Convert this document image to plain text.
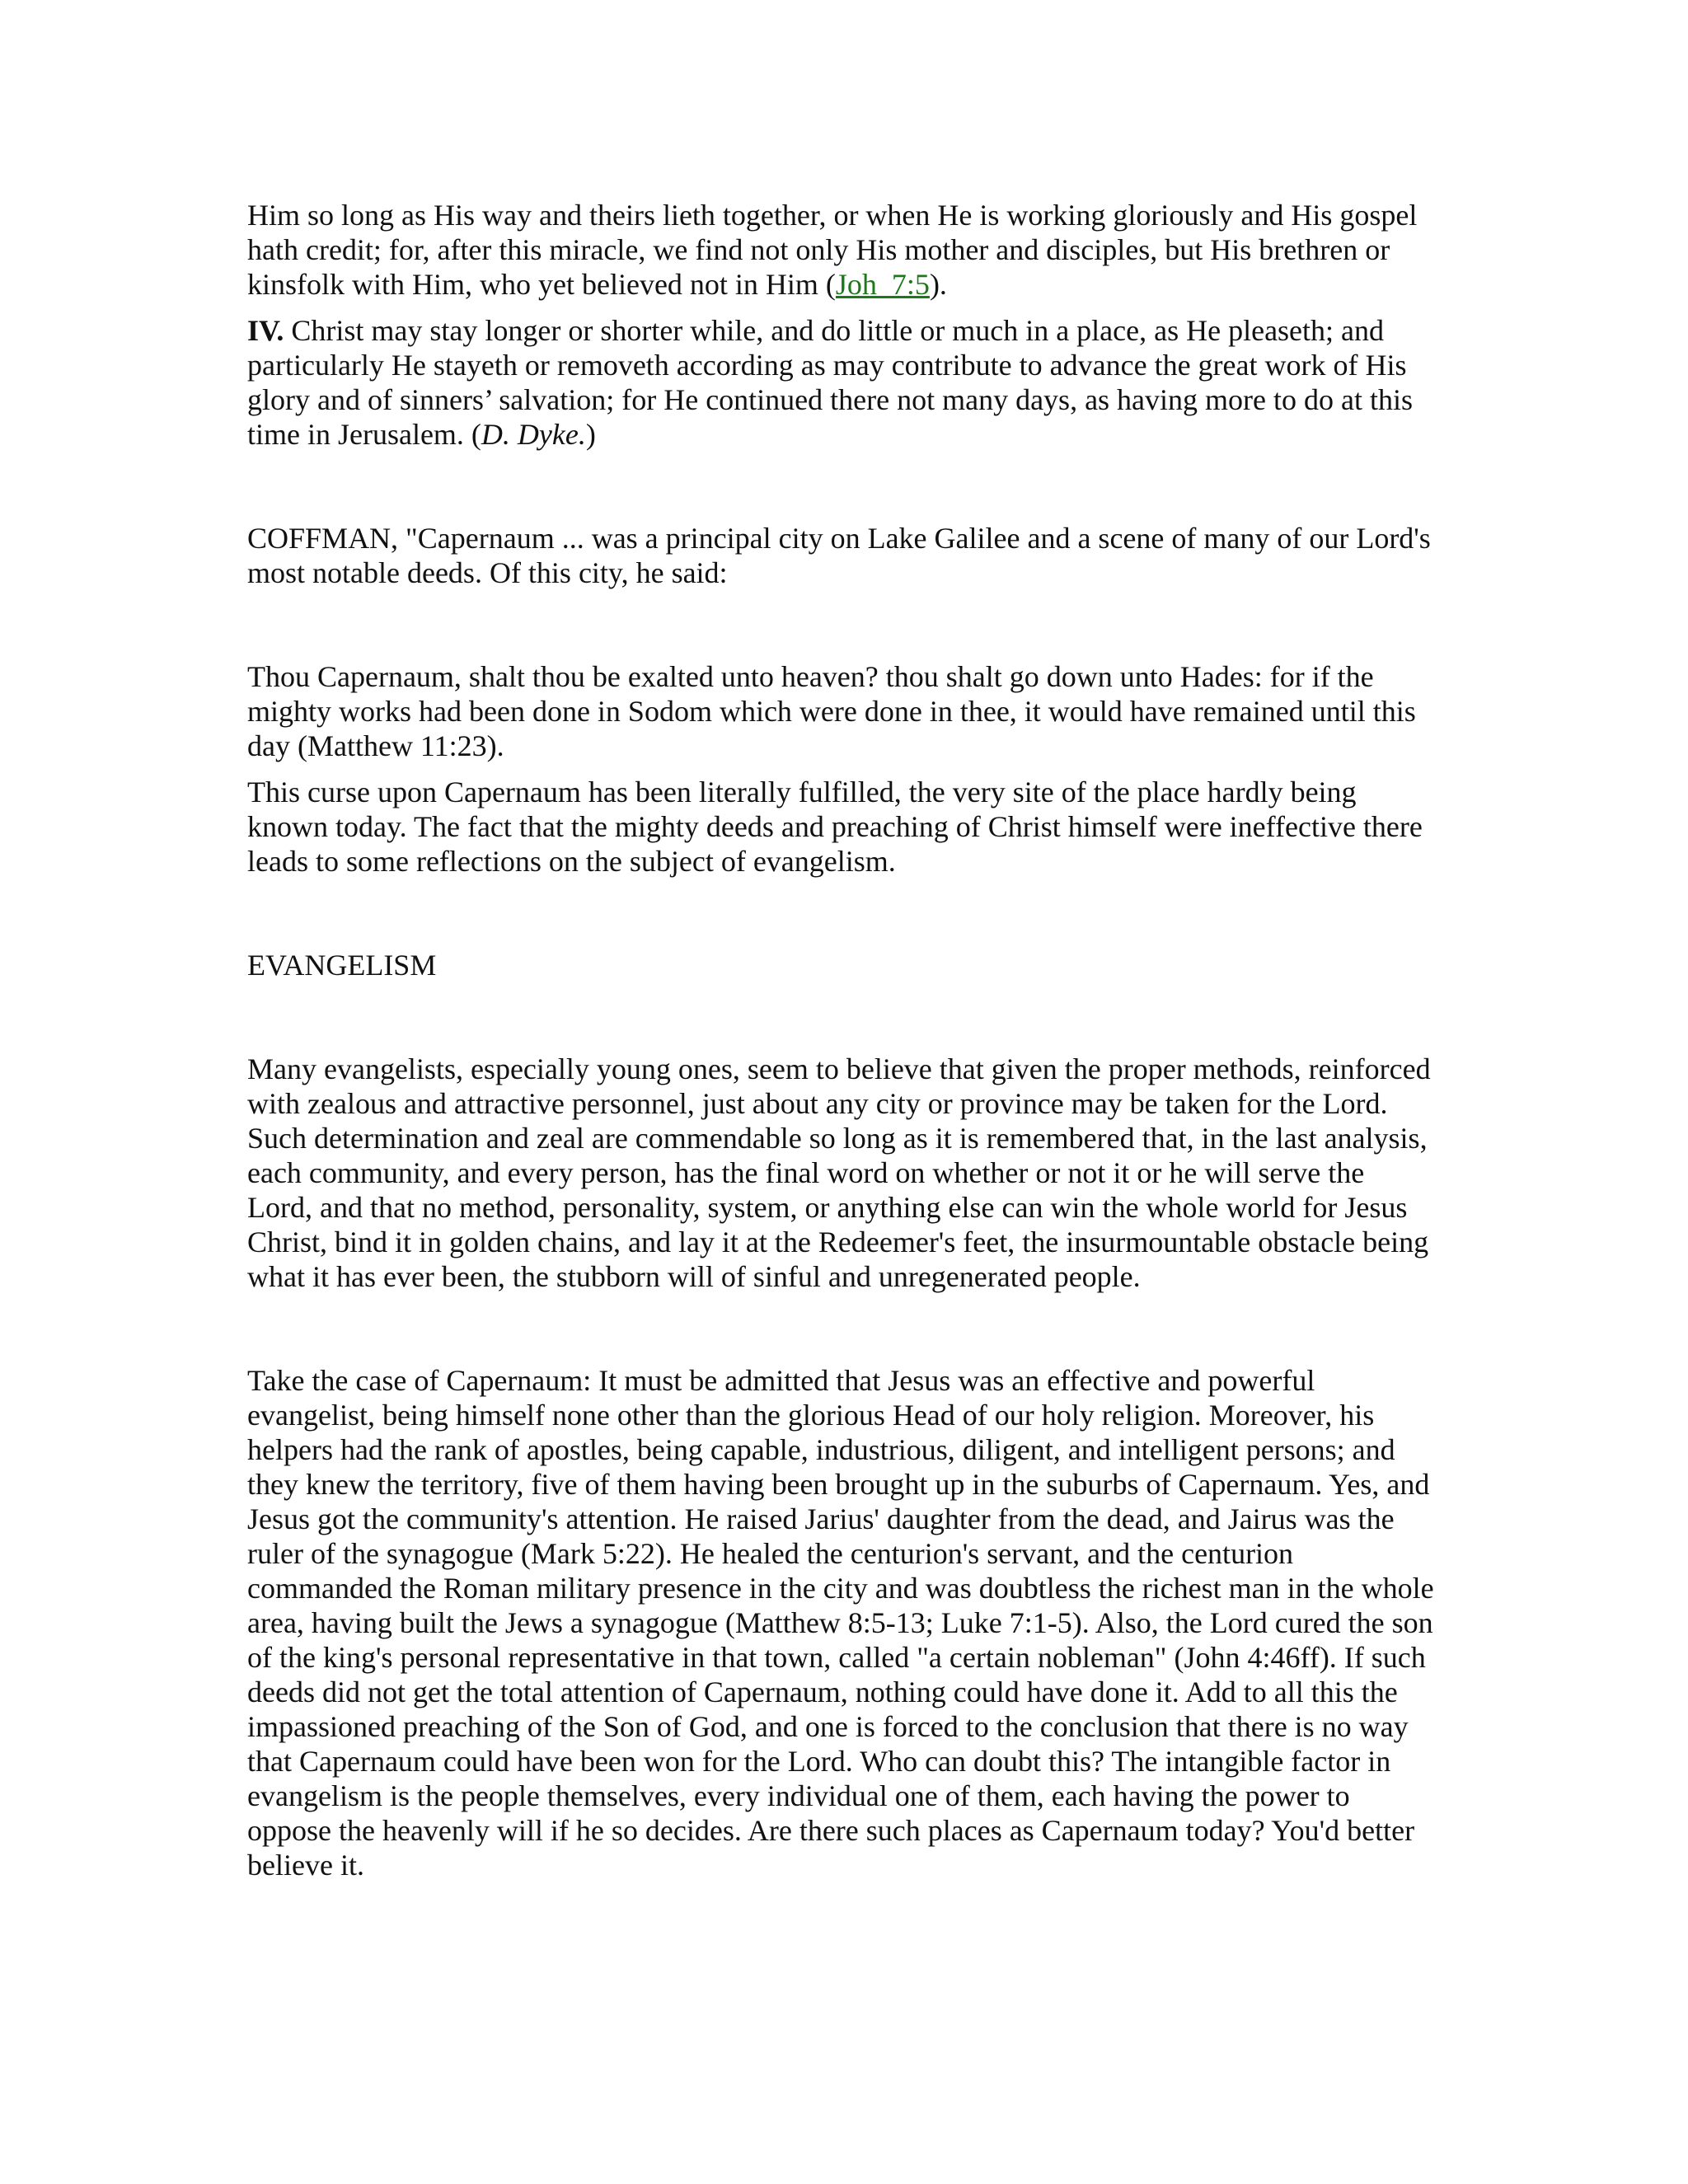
Him so long as His way and theirs lieth together, or when He is working gloriously and His gospel hath credit; for, after this miracle, we find not only His mother and disciples, but His brethren or kinsfolk with Him, who yet believed not in Him (Joh_7:5).

IV. Christ may stay longer or shorter while, and do little or much in a place, as He pleaseth; and particularly He stayeth or removeth according as may contribute to advance the great work of His glory and of sinners’ salvation; for He continued there not many days, as having more to do at this time in Jerusalem. (D. Dyke.)

COFFMAN, "Capernaum ... was a principal city on Lake Galilee and a scene of many of our Lord's most notable deeds. Of this city, he said:

Thou Capernaum, shalt thou be exalted unto heaven? thou shalt go down unto Hades: for if the mighty works had been done in Sodom which were done in thee, it would have remained until this day (Matthew 11:23).

This curse upon Capernaum has been literally fulfilled, the very site of the place hardly being known today. The fact that the mighty deeds and preaching of Christ himself were ineffective there leads to some reflections on the subject of evangelism.

EVANGELISM

Many evangelists, especially young ones, seem to believe that given the proper methods, reinforced with zealous and attractive personnel, just about any city or province may be taken for the Lord. Such determination and zeal are commendable so long as it is remembered that, in the last analysis, each community, and every person, has the final word on whether or not it or he will serve the Lord, and that no method, personality, system, or anything else can win the whole world for Jesus Christ, bind it in golden chains, and lay it at the Redeemer's feet, the insurmountable obstacle being what it has ever been, the stubborn will of sinful and unregenerated people.

Take the case of Capernaum: It must be admitted that Jesus was an effective and powerful evangelist, being himself none other than the glorious Head of our holy religion. Moreover, his helpers had the rank of apostles, being capable, industrious, diligent, and intelligent persons; and they knew the territory, five of them having been brought up in the suburbs of Capernaum. Yes, and Jesus got the community's attention. He raised Jarius' daughter from the dead, and Jairus was the ruler of the synagogue (Mark 5:22). He healed the centurion's servant, and the centurion commanded the Roman military presence in the city and was doubtless the richest man in the whole area, having built the Jews a synagogue (Matthew 8:5-13; Luke 7:1-5). Also, the Lord cured the son of the king's personal representative in that town, called "a certain nobleman" (John 4:46ff). If such deeds did not get the total attention of Capernaum, nothing could have done it. Add to all this the impassioned preaching of the Son of God, and one is forced to the conclusion that there is no way that Capernaum could have been won for the Lord. Who can doubt this? The intangible factor in evangelism is the people themselves, every individual one of them, each having the power to oppose the heavenly will if he so decides. Are there such places as Capernaum today? You'd better believe it.
